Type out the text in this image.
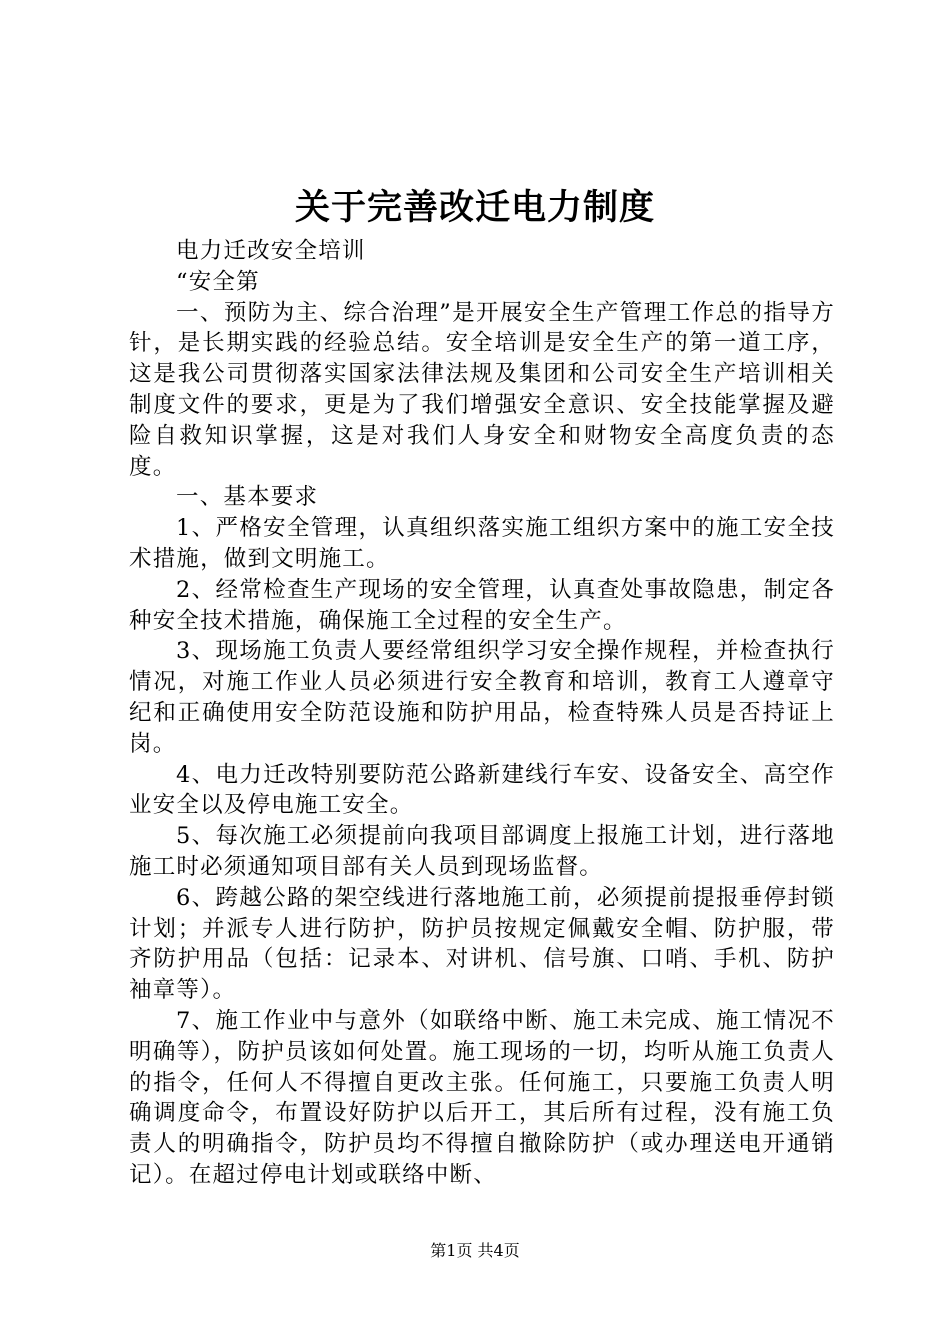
关于完善改迁电力制度

电力迁改安全培训

“安全第

一、预防为主、综合治理”是开展安全生产管理工作总的指导方针，是长期实践的经验总结。安全培训是安全生产的第一道工序，这是我公司贯彻落实国家法律法规及集团和公司安全生产培训相关制度文件的要求，更是为了我们增强安全意识、安全技能掌握及避险自救知识掌握，这是对我们人身安全和财物安全高度负责的态度。

一、基本要求

1、严格安全管理，认真组织落实施工组织方案中的施工安全技术措施，做到文明施工。

2、经常检查生产现场的安全管理，认真查处事故隐患，制定各种安全技术措施，确保施工全过程的安全生产。

3、现场施工负责人要经常组织学习安全操作规程，并检查执行情况，对施工作业人员必须进行安全教育和培训，教育工人遵章守纪和正确使用安全防范设施和防护用品，检查特殊人员是否持证上岗。

4、电力迁改特别要防范公路新建线行车安、设备安全、高空作业安全以及停电施工安全。

5、每次施工必须提前向我项目部调度上报施工计划，进行落地施工时必须通知项目部有关人员到现场监督。

6、跨越公路的架空线进行落地施工前，必须提前提报垂停封锁计划；并派专人进行防护，防护员按规定佩戴安全帽、防护服，带齐防护用品（包括：记录本、对讲机、信号旗、口哨、手机、防护袖章等）。

7、施工作业中与意外（如联络中断、施工未完成、施工情况不明确等），防护员该如何处置。施工现场的一切，均听从施工负责人的指令，任何人不得擅自更改主张。任何施工，只要施工负责人明确调度命令，布置设好防护以后开工，其后所有过程，没有施工负责人的明确指令，防护员均不得擅自撤除防护（或办理送电开通销记）。在超过停电计划或联络中断、

第1页 共4页
